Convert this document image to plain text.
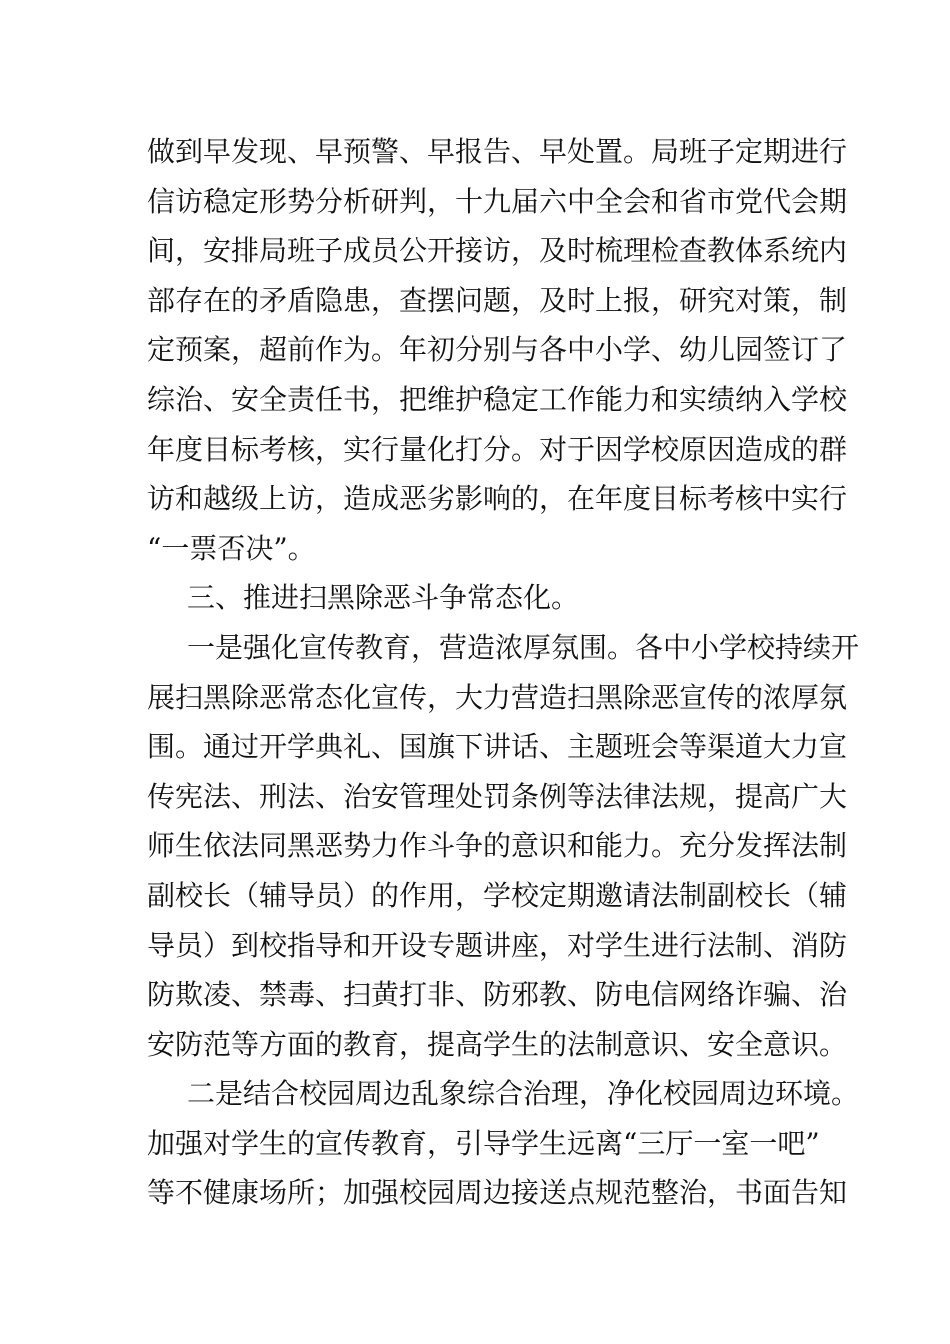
做到早发现、早预警、早报告、早处置。局班子定期进行
信访稳定形势分析研判，十九届六中全会和省市党代会期
间，安排局班子成员公开接访，及时梳理检查教体系统内
部存在的矛盾隐患，查摆问题，及时上报，研究对策，制
定预案，超前作为。年初分别与各中小学、幼儿园签订了
综治、安全责任书，把维护稳定工作能力和实绩纳入学校
年度目标考核，实行量化打分。对于因学校原因造成的群
访和越级上访，造成恶劣影响的，在年度目标考核中实行
“一票否决”。
三、推进扫黑除恶斗争常态化。
一是强化宣传教育，营造浓厚氛围。各中小学校持续开
展扫黑除恶常态化宣传，大力营造扫黑除恶宣传的浓厚氛
围。通过开学典礼、国旗下讲话、主题班会等渠道大力宣
传宪法、刑法、治安管理处罚条例等法律法规，提高广大
师生依法同黑恶势力作斗争的意识和能力。充分发挥法制
副校长（辅导员）的作用，学校定期邀请法制副校长（辅
导员）到校指导和开设专题讲座，对学生进行法制、消防
防欺凌、禁毒、扫黄打非、防邪教、防电信网络诈骗、治
安防范等方面的教育，提高学生的法制意识、安全意识。
二是结合校园周边乱象综合治理，净化校园周边环境。
加强对学生的宣传教育，引导学生远离“三厅一室一吧”
等不健康场所；加强校园周边接送点规范整治，书面告知
